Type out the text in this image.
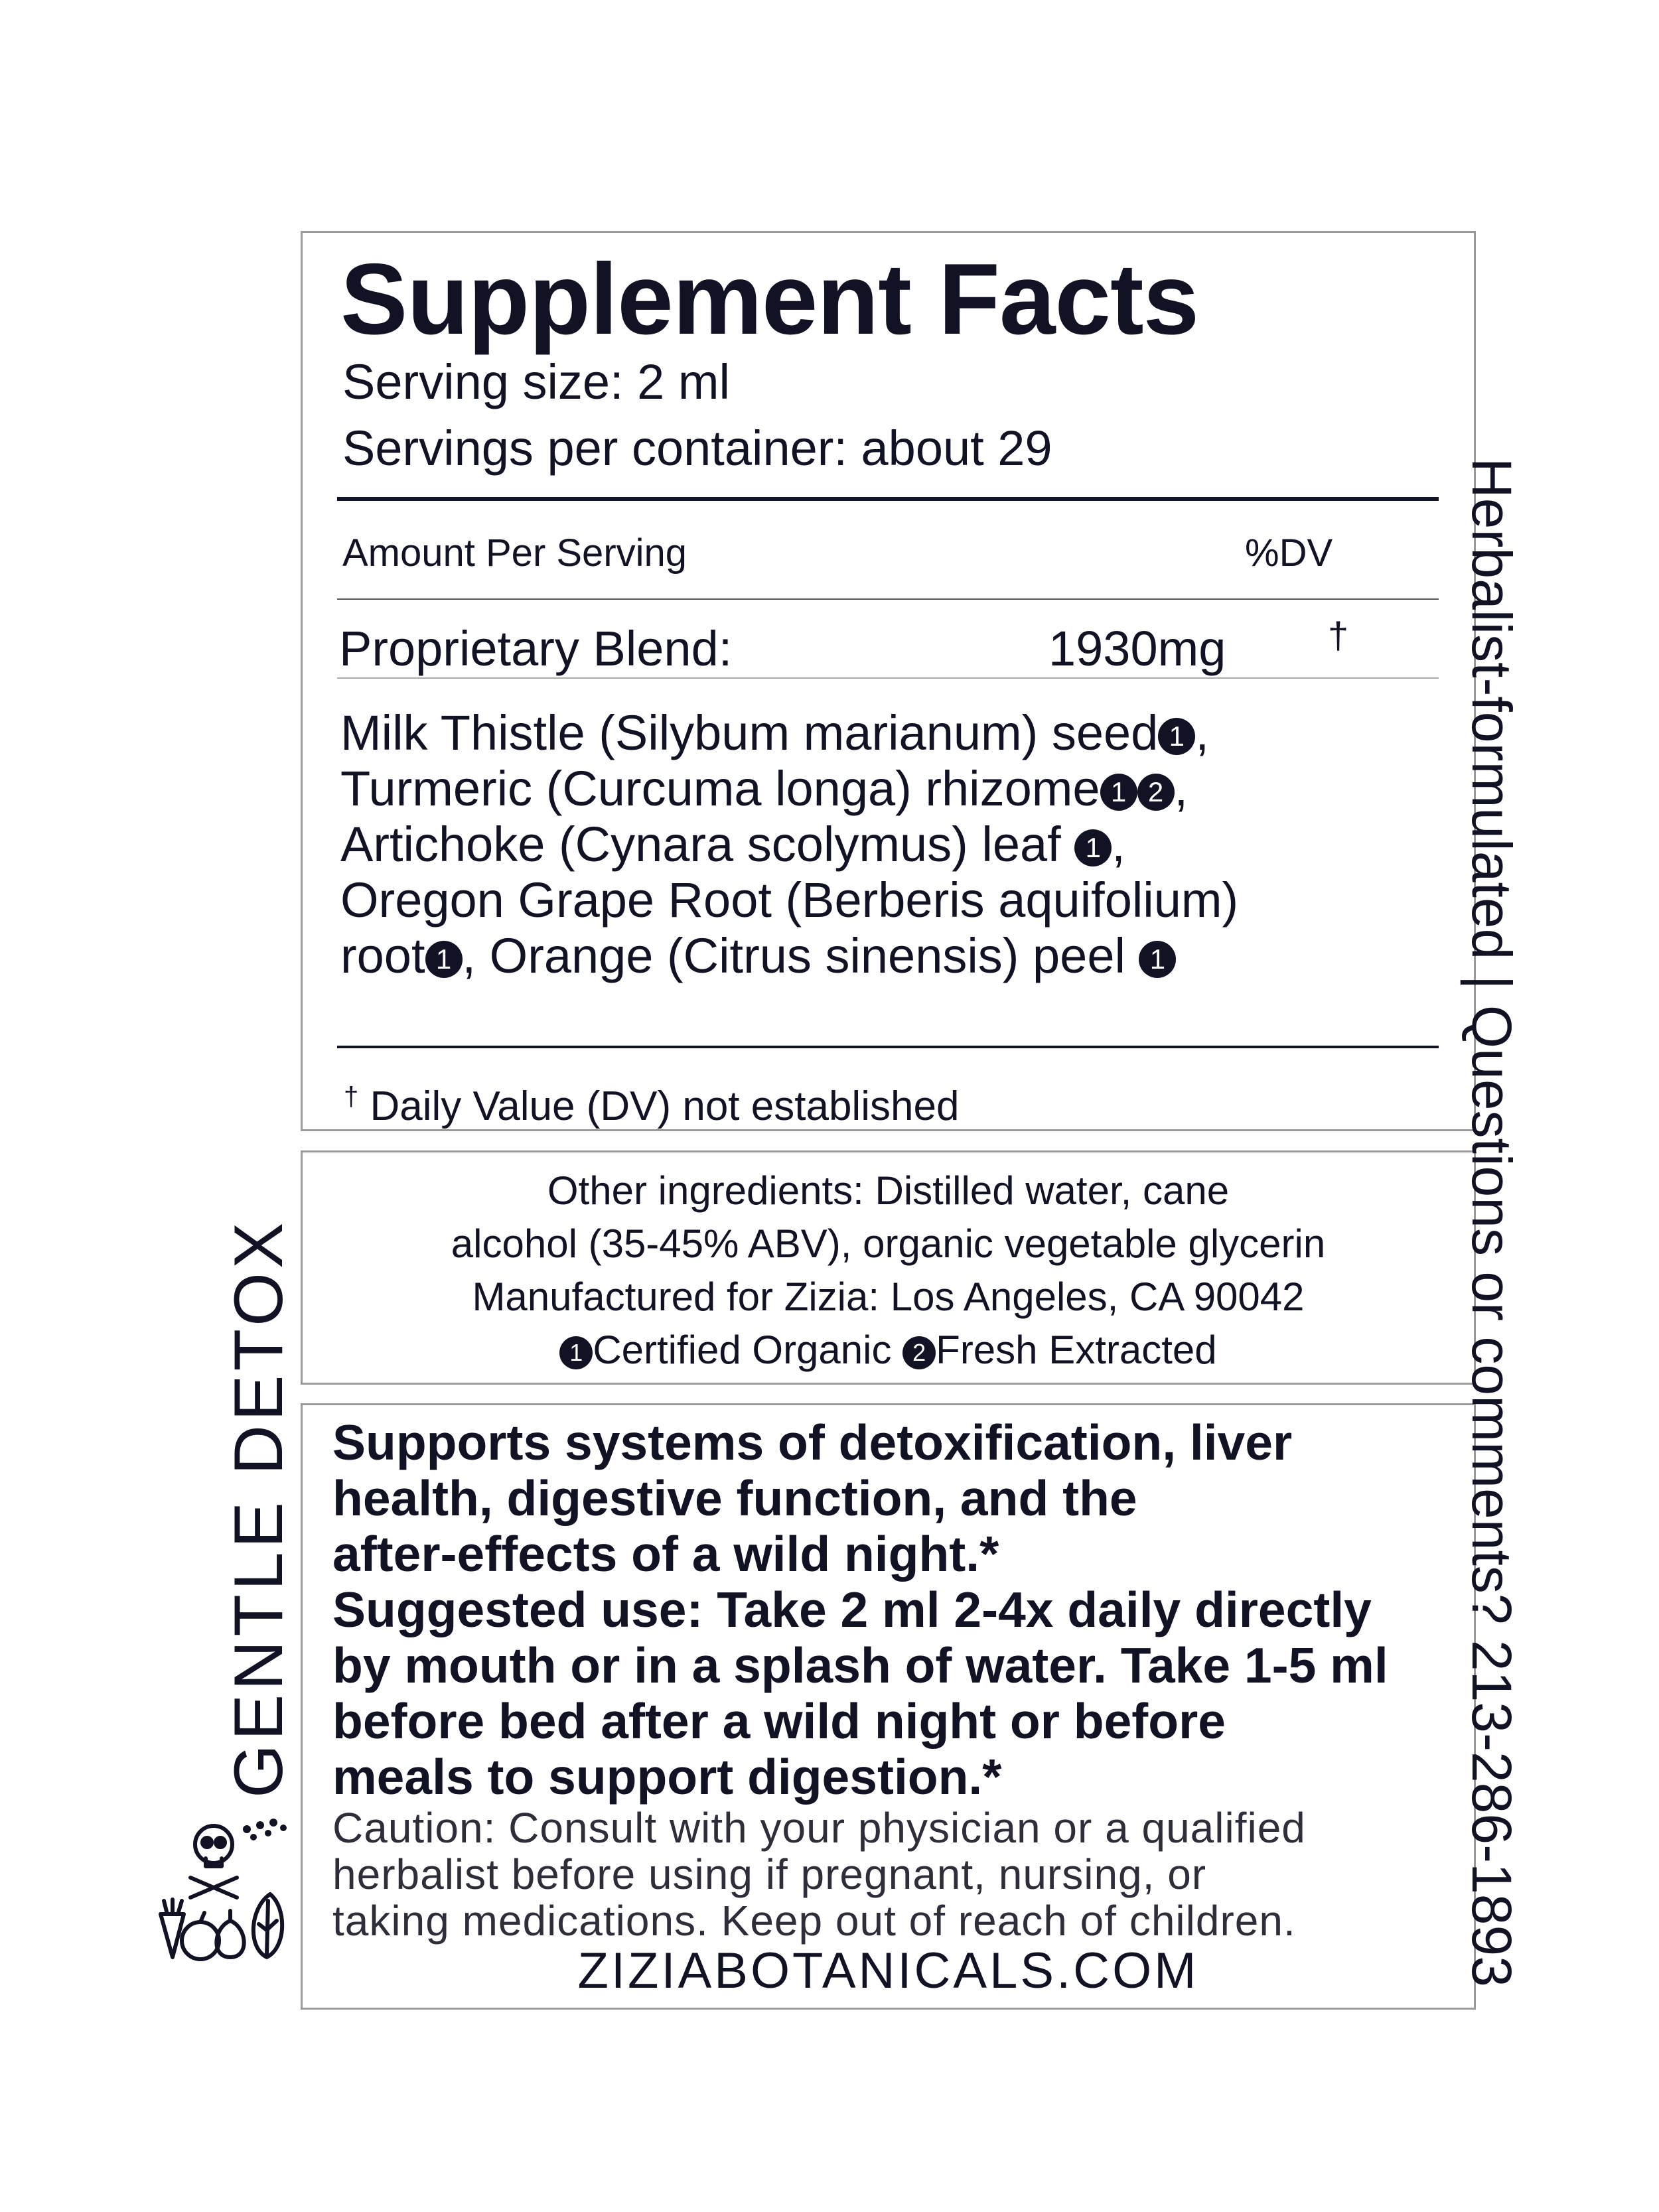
GENTLE DETOX
Supplement Facts
Serving size: 2 ml
Servings per container: about 29
Amount Per Serving	%DV
Proprietary Blend:	1930mg	†
Milk Thistle (Silybum marianum) seed 1 ,
Turmeric (Curcuma longa) rhizome 1 2 ,
Artichoke (Cynara scolymus) leaf 1 ,
Oregon Grape Root (Berberis aquifolium)
root 1 , Orange (Citrus sinensis) peel 1
† Daily Value (DV) not established
Other ingredients: Distilled water, cane
alcohol (35-45% ABV), organic vegetable glycerin
Manufactured for Zizia: Los Angeles, CA 90042
1 Certified Organic 2 Fresh Extracted
Supports systems of detoxification, liver
health, digestive function, and the
after-effects of a wild night.*
Suggested use: Take 2 ml 2-4x daily directly
by mouth or in a splash of water. Take 1-5 ml
before bed after a wild night or before
meals to support digestion.*
Caution: Consult with your physician or a qualified
herbalist before using if pregnant, nursing, or
taking medications. Keep out of reach of children.
ZIZIABOTANICALS.COM	Herbalist-formulated | Questions or comments? 213-286-1893
